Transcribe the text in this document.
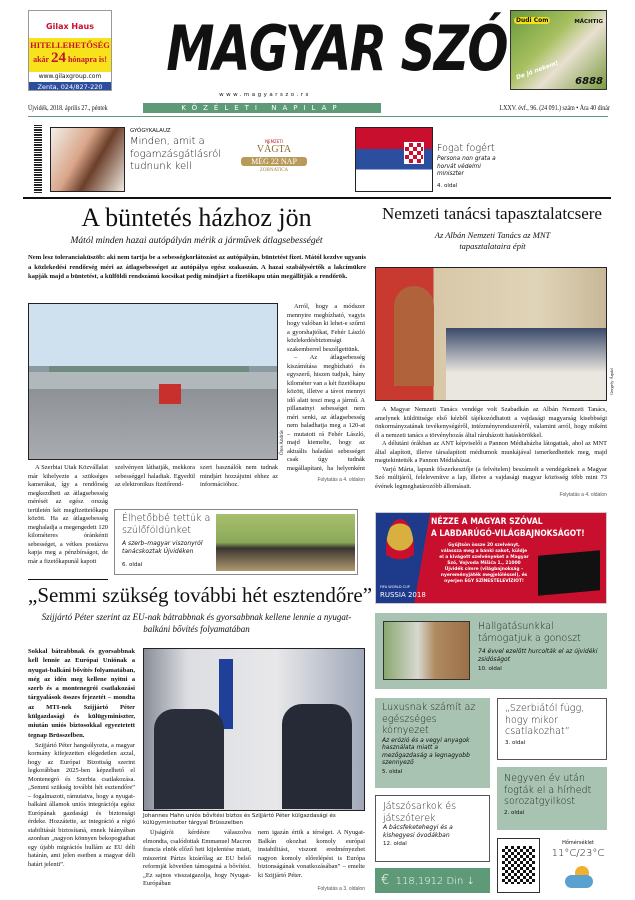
Gilax Haus
HITELLEHETŐSÉG
akár 24 hónapra is!
www.gilaxgroup.com
Zenta, 024/827-220
MAGYAR SZÓ
www.magyarszo.rs
Újvidék, 2018. április 27., péntek	KÖZÉLETI NAPILAP	LXXV. évf., 96. (24 091.) szám • Ára 40 dinár
Dudi Com	MÄCHTIG
De jó nekem!
6888
GYÓGYKALAUZ
Minden, amit a fogamzásgátlásról tudnunk kell
NEMZETI
VÁGTA
MÉG 22 NAP
ZOBNATICA
Fogat fogért
Persona non grata a horvát védelmi miniszter
4. oldal
A büntetés házhoz jön
Mától minden hazai autópályán mérik a járművek átlagsebességét
Nem lesz toleranciaküszöb: aki nem tartja be a sebességkorlátozást az autópályán, büntetést fizet. Mától kezdve ugyanis a közlekedési rendőrség méri az átlagsebességet az autópálya egész szakaszán. A hazai szabálysértők a lakcímükre kapják majd a büntetést, a külföldi rendszámú kocsikat pedig mindjárt a fizetőkapu után megállítják a rendőrök.
Ótos András

Arról, hogy a módszer mennyire megbízható, vagyis hogy valóban ki lehet-e szűrni a gyorshajtókat, Fehér László közlekedésbiztonsági szakemberrel beszélgettünk.

– Az átlagsebesség kiszámítása megbízható és egyszerű, hiszen tudjuk, hány kilométer van a két fizetőkapu között, illetve a távot mennyi idő alatt teszi meg a jármű. A pillanatnyi sebességet nem méri senki, az átlagsebesség nem haladhatja meg a 120-at – mutatott rá Fehér László, majd kiemelte, hogy az aktuális haladási sebességet csak úgy tudnák megállapítani, ha helyenként

Folytatás a 4. oldalon

A Szerbiai Utak Közvállalat már kihelyezte a szükséges kamerákat, így a rendőrség megkezdheti az átlagsebesség mérését az egész ország területén két megfizettetőkapu között. Ha az átlagsebesség meghaladja a megengedett 120 kilométeres óránkénti sebességet, a vétkes postázva kapja meg a pénzbírságot, de már a fizetőkapunál kapott

szelvényen láthatják, mekkora sebességgel haladtak. Egyedül az elektronikus fizetőrend-

szert használók nem tudnak mindjárt hozzájutni ehhez az információhoz.

Élhetőbbé tettük a szülőföldünket
A szerb–magyar viszonyról tanácskoztak Újvidéken
6. oldal
„Semmi szükség további hét esztendőre”
Szijjártó Péter szerint az EU-nak bátrabbnak és gyorsabbnak kellene lennie a nyugat-balkáni bővítés folyamatában
Sokkal bátrabbnak és gyorsabbnak kell lennie az Európai Uniónak a nyugat-balkáni bővítés folyamatában, még az idén meg kellene nyitni a szerb és a montenegrói csatlakozási tárgyalások összes fejezetét – mondta az MTI-nek Szijjártó Péter külgazdasági és külügyminiszter, miután uniós biztosokkal egyeztetett tegnap Brüsszelben.

Szijjártó Péter hangsúlyozta, a magyar kormány kifejezetten elégedetlen azzal, hogy az Európai Bizottság szerint legkorábban 2025-ben képzelhető el Montenegró és Szerbia csatlakozása. „Semmi szükség további hét esztendőre” – fogalmazott, rámutatva, hogy a nyugat-balkáni államok uniós integrációja egész Európának gazdasági és biztonsági érdeke. Hozzátette, az integráció a régió stabilitását biztosítaná, ennek hiányában azonban „nagyon könnyen bekopogtathat egy újabb migrációs hullám az EU déli határán, ami jelen esetben a magyar déli határt jelenti”.

Johannes Hahn uniós bővítési biztos és Szijjártó Péter külgazdasági és külügyminiszter tárgyal Brüsszelben

Újságírói kérdésre válaszolva elmondta, csalódottak Emmanuel Macron francia elnök előző heti kijelentése miatt, miszerint Párizs kizárólag az EU belső reformját követően támogatná a bővítést. „Ez sajnos visszaigazolja, hogy Nyugat-Európában

nem igazán értik a térséget. A Nyugat-Balkán okozhat komoly európai instabilitást, viszont eredményezhet nagyon komoly előrelépést is Európa biztonságának vonatkozásában” – emelte ki Szijjártó Péter.

Folytatás a 3. oldalon
Nemzeti tanácsi tapasztalatcsere
Az Albán Nemzeti Tanács az MNT tapasztalataira épít
Gergely Árpád

A Magyar Nemzeti Tanács vendége volt Szabadkán az Albán Nemzeti Tanács, amelynek küldöttsége első kézből tájékozódhatott a vajdasági magyarság kisebbségi önkormányzatának tevékenységéről, intézményrendszeréről, valamint arról, hogy miként él a nemzeti tanács a törvényhozás által ráruházott hatáskörökkel.

A délutáni órákban az ANT képviselői a Pannon Médiaházba látogattak, ahol az MNT által alapított, illetve társalapított médiumok munkájával ismerkedhettek meg, majd megtekintették a Pannon Médiaházat.

Varjú Márta, lapunk főszerkesztője (a felvételen) beszámolt a vendégeknek a Magyar Szó múltjáról, felelevenítve a lap, illetve a vajdasági magyar közösség több mint 73 évének legmeghatározóbb állomásait.

Folytatás a 4. oldalon
FIFA WORLD CUP
RUSSIA 2018
NÉZZE A MAGYAR SZÓVAL
A LABDARÚGÓ-VILÁGBAJNOKSÁGOT!
Gyűjtsön össze 20 szelvényt, válassza meg a bánki sakot, küldje el a kivágott szelvényeket a Magyar Szó, Vojvoda Mišića 1., 21000 Újvidék címre (világbajnokság – nyereményjáték megjelöléssel), és nyerjen EGY SZÍNESTELEVÍZIÓT!
Hallgatásunkkal támogatjuk a gonoszt
74 évvel ezelőtt hurcolták el az újvidéki zsidóságot
10. oldal
Luxusnak számít az egészséges környezet
Az erózió és a vegyi anyagok használata miatt a mezőgazdaság a legnagyobb szennyező
5. oldal
„Szerbiától függ, hogy mikor csatlakozhat”
3. oldal
Negyven év után fogták el a hírhedt sorozatgyilkost
2. oldal
Játszósarkok és játszóterek
A bácsfeketehegyi és a kishegyesi óvodákban
12. oldal
€ 118,1912 Din ↓
Hőmérséklet
11°C/23°C
